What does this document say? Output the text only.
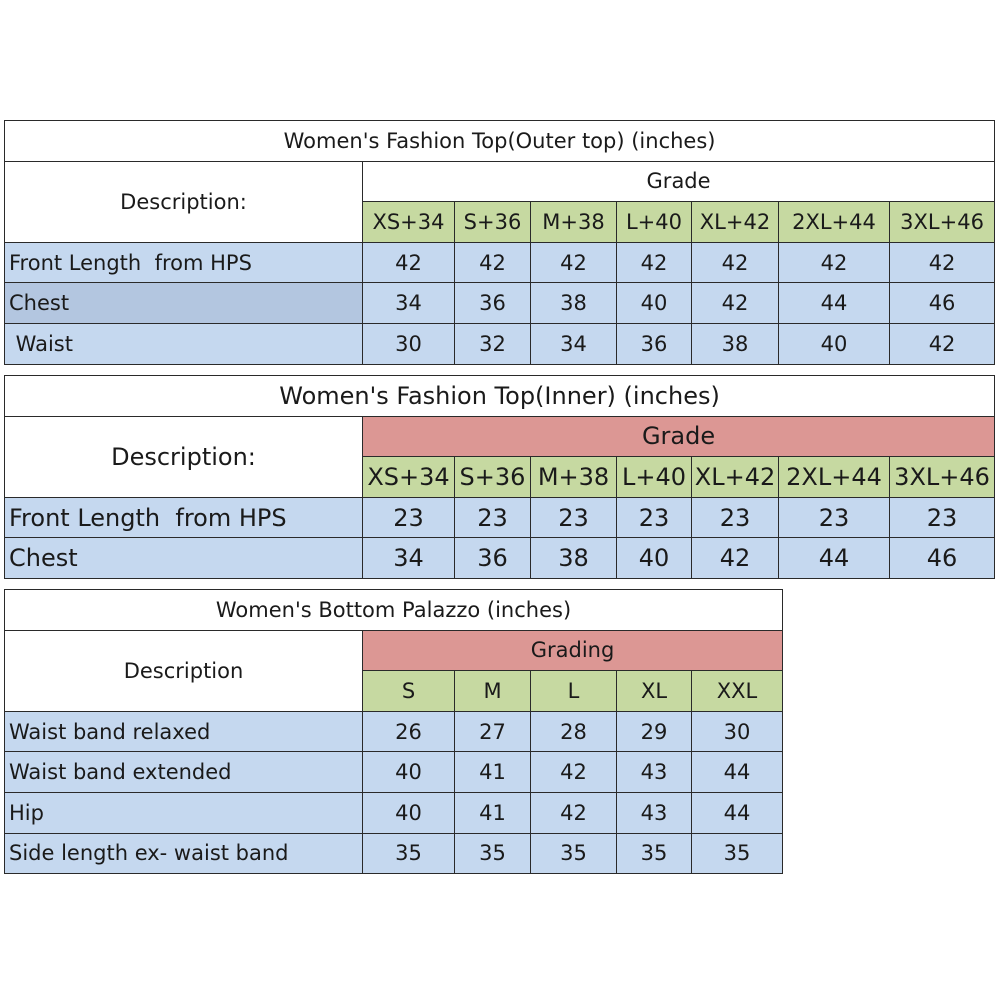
Women's Fashion Top(Outer top) (inches)							
Description:	Grade						
	XS+34	S+36	M+38	L+40	XL+42	2XL+44	3XL+46
Front Length  from HPS	42	42	42	42	42	42	42
Chest	34	36	38	40	42	44	46
Waist	30	32	34	36	38	40	42
Women's Fashion Top(Inner) (inches)							
Description:	Grade						
	XS+34	S+36	M+38	L+40	XL+42	2XL+44	3XL+46
Front Length  from HPS	23	23	23	23	23	23	23
Chest	34	36	38	40	42	44	46
Women's Bottom Palazzo (inches)					
Description	Grading				
	S	M	L	XL	XXL
Waist band relaxed	26	27	28	29	30
Waist band extended	40	41	42	43	44
Hip	40	41	42	43	44
Side length ex- waist band	35	35	35	35	35
